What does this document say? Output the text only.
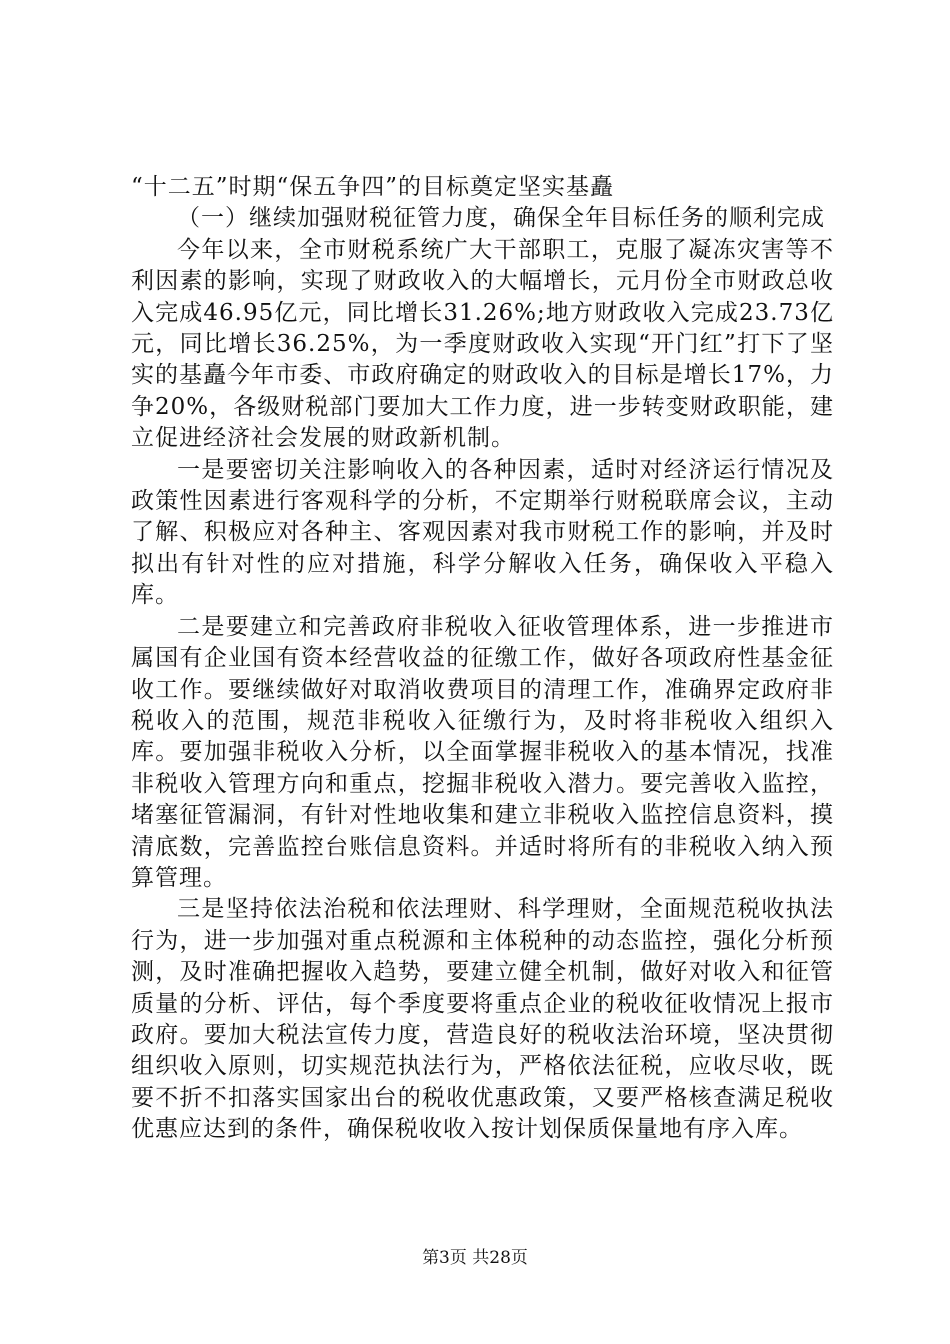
“十二五”时期“保五争四”的目标奠定坚实基矗

（一）继续加强财税征管力度，确保全年目标任务的顺利完成

今年以来，全市财税系统广大干部职工，克服了凝冻灾害等不利因素的影响，实现了财政收入的大幅增长，元月份全市财政总收入完成46.95亿元，同比增长31.26%;地方财政收入完成23.73亿元，同比增长36.25%，为一季度财政收入实现“开门红”打下了坚实的基矗今年市委、市政府确定的财政收入的目标是增长17%，力争20%，各级财税部门要加大工作力度，进一步转变财政职能，建立促进经济社会发展的财政新机制。

一是要密切关注影响收入的各种因素，适时对经济运行情况及政策性因素进行客观科学的分析，不定期举行财税联席会议，主动了解、积极应对各种主、客观因素对我市财税工作的影响，并及时拟出有针对性的应对措施，科学分解收入任务，确保收入平稳入库。

二是要建立和完善政府非税收入征收管理体系，进一步推进市属国有企业国有资本经营收益的征缴工作，做好各项政府性基金征收工作。要继续做好对取消收费项目的清理工作，准确界定政府非税收入的范围，规范非税收入征缴行为，及时将非税收入组织入库。要加强非税收入分析，以全面掌握非税收入的基本情况，找准非税收入管理方向和重点，挖掘非税收入潜力。要完善收入监控，堵塞征管漏洞，有针对性地收集和建立非税收入监控信息资料，摸清底数，完善监控台账信息资料。并适时将所有的非税收入纳入预算管理。

三是坚持依法治税和依法理财、科学理财，全面规范税收执法行为，进一步加强对重点税源和主体税种的动态监控，强化分析预测，及时准确把握收入趋势，要建立健全机制，做好对收入和征管质量的分析、评估，每个季度要将重点企业的税收征收情况上报市政府。要加大税法宣传力度，营造良好的税收法治环境，坚决贯彻组织收入原则，切实规范执法行为，严格依法征税，应收尽收，既要不折不扣落实国家出台的税收优惠政策，又要严格核查满足税收优惠应达到的条件，确保税收收入按计划保质保量地有序入库。

第3页 共28页
